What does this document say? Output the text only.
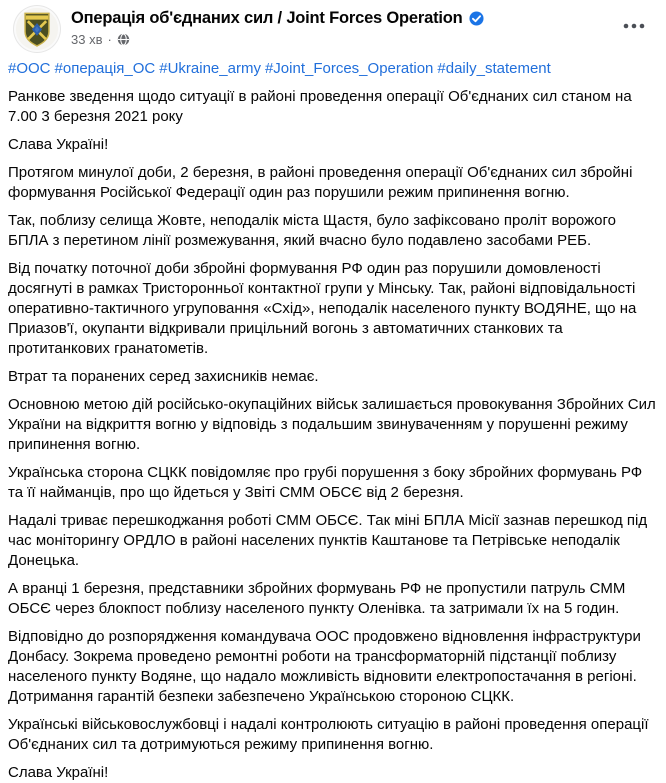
Операція об'єднаних сил / Joint Forces Operation
33 хв ·

#ООС #операція_ОС #Ukraine_army #Joint_Forces_Operation #daily_statement

Ранкове зведення щодо ситуації в районі проведення операції Об'єднаних сил станом на 7.00 3 березня 2021 року

Слава Україні!

Протягом минулої доби, 2 березня, в районі проведення операції Об'єднаних сил збройні формування Російської Федерації один раз порушили режим припинення вогню.

Так, поблизу селища Жовте, неподалік міста Щастя, було зафіксовано проліт ворожого БПЛА з перетином лінії розмежування, який вчасно було подавлено засобами РЕБ.

Від початку поточної доби збройні формування РФ один раз порушили домовленості досягнуті в рамках Тристоронньої контактної групи у Мінську. Так, районі відповідальності оперативно-тактичного угруповання «Схід», неподалік населеного пункту ВОДЯНЕ, що на Приазов'ї, окупанти відкривали прицільний вогонь з автоматичних станкових та протитанкових гранатометів.

Втрат та поранених серед захисників немає.

Основною метою дій російсько-окупаційних військ залишається провокування Збройних Сил України на відкриття вогню у відповідь з подальшим звинуваченням у порушенні режиму припинення вогню.

Українська сторона СЦКК повідомляє про грубі порушення з боку збройних формувань РФ та її найманців, про що йдеться у Звіті СММ ОБСЄ від 2 березня.

Надалі триває перешкоджання роботі СММ ОБСЄ. Так міні БПЛА Місії зазнав перешкод під час моніторингу ОРДЛО в районі населених пунктів Каштанове та Петрівське неподалік Донецька.

А вранці 1 березня, представники збройних формувань РФ не пропустили патруль СММ ОБСЄ через блокпост поблизу населеного пункту Оленівка. та затримали їх на 5 годин.

Відповідно до розпорядження командувача ООС продовжено відновлення інфраструктури Донбасу. Зокрема проведено ремонтні роботи на трансформаторній підстанції поблизу населеного пункту Водяне, що надало можливість відновити електропостачання в регіоні. Дотримання гарантій безпеки забезпечено Українською стороною СЦКК.

Українські військовослужбовці і надалі контролюють ситуацію в районі проведення операції Об'єднаних сил та дотримуються режиму припинення вогню.

Слава Україні!
